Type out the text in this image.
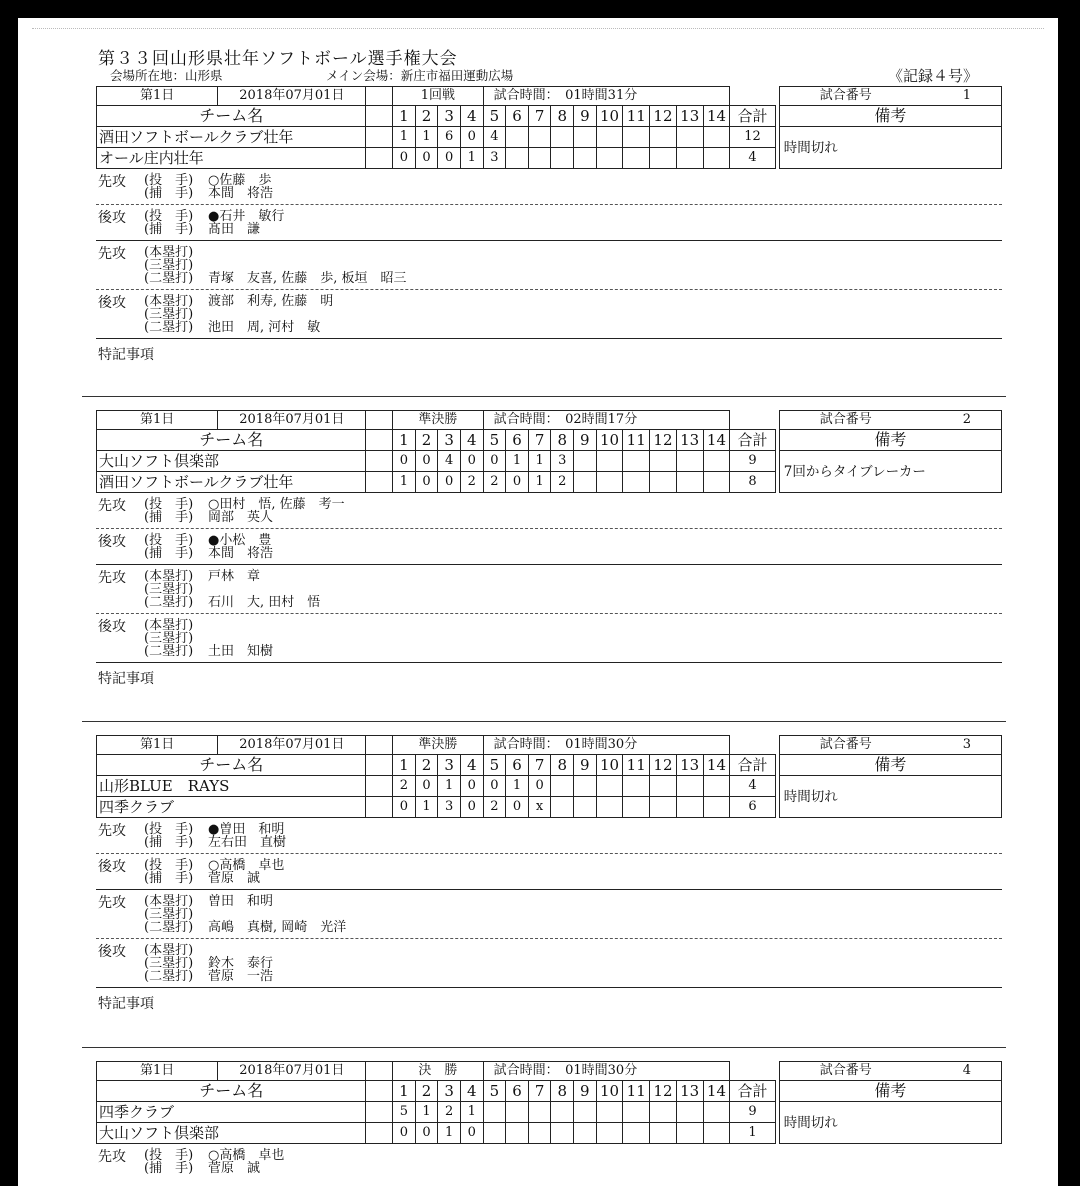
第３３回山形県壮年ソフトボール選手権大会
会場所在地：山形県	メイン会場：新庄市福田運動広場	《記録４号》
第1日	2018年07月01日		1回戦				試合時間：　 01時間31分												試合番号 1

チーム名			1	2	3	4	5	6	7	8	9	10	11	12	13	14	合計		備考
酒田ソフトボールクラブ壮年			1	1	6	0	4										12		時間切れ
オール庄内壮年			0	0	0	1	3										4		
先攻 (投　手) ○佐藤　歩
(捕　手) 本間　将浩
後攻 (投　手) ●石井　敏行
(捕　手) 髙田　謙
先攻 (本塁打)
(三塁打)
(二塁打) 青塚　友喜, 佐藤　歩, 板垣　昭三
後攻 (本塁打) 渡部　利寿, 佐藤　明
(三塁打)
(二塁打) 池田　周, 河村　敏
特記事項
第1日	2018年07月01日		準決勝				試合時間：　 02時間17分												試合番号 2

チーム名			1	2	3	4	5	6	7	8	9	10	11	12	13	14	合計		備考
大山ソフト倶楽部			0	0	4	0	0	1	1	3							9		7回からタイブレーカー
酒田ソフトボールクラブ壮年			1	0	0	2	2	0	1	2							8		
先攻 (投　手) ○田村　悟, 佐藤　考一
(捕　手) 岡部　英人
後攻 (投　手) ●小松　豊
(捕　手) 本間　将浩
先攻 (本塁打) 戸林　章
(三塁打)
(二塁打) 石川　大, 田村　悟
後攻 (本塁打)
(三塁打)
(二塁打) 土田　知樹
特記事項
第1日	2018年07月01日		準決勝				試合時間：　 01時間30分												試合番号 3

チーム名			1	2	3	4	5	6	7	8	9	10	11	12	13	14	合計		備考
山形BLUE　RAYS			2	0	1	0	0	1	0								4		時間切れ
四季クラブ			0	1	3	0	2	0	x								6		
先攻 (投　手) ●曽田　和明
(捕　手) 左右田　直樹
後攻 (投　手) ○高橋　卓也
(捕　手) 菅原　誠
先攻 (本塁打) 曽田　和明
(三塁打)
(二塁打) 高嶋　真樹, 岡崎　光洋
後攻 (本塁打)
(三塁打) 鈴木　泰行
(二塁打) 菅原　一浩
特記事項
第1日	2018年07月01日		決　勝				試合時間：　 01時間30分												試合番号 4

チーム名			1	2	3	4	5	6	7	8	9	10	11	12	13	14	合計		備考
四季クラブ			5	1	2	1											9		時間切れ
大山ソフト倶楽部			0	0	1	0											1		
先攻 (投　手) ○高橋　卓也
(捕　手) 菅原　誠
